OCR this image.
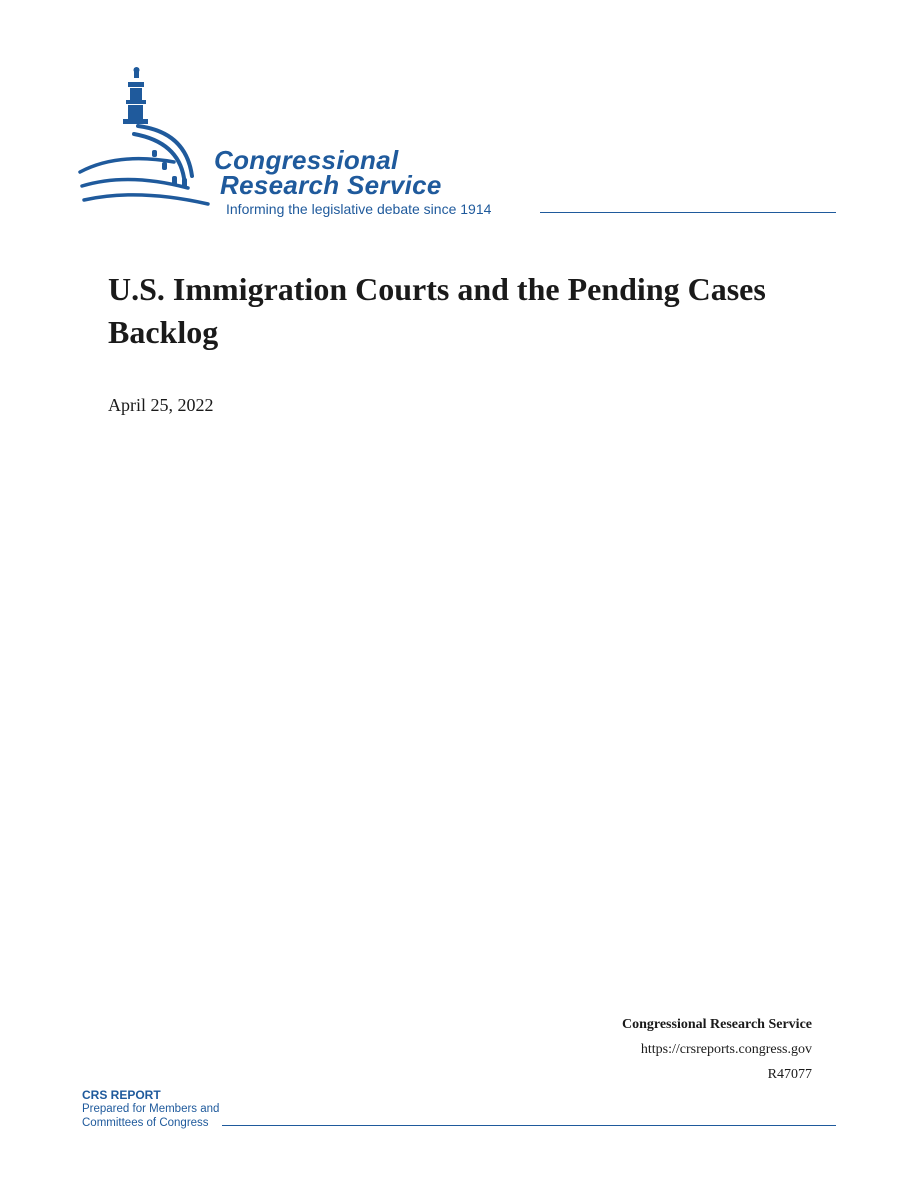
Congressional
Research Service
Informing the legislative debate since 1914
U.S. Immigration Courts and the Pending Cases Backlog
April 25, 2022
Congressional Research Service
https://crsreports.congress.gov
R47077
CRS REPORT
Prepared for Members and
Committees of Congress
